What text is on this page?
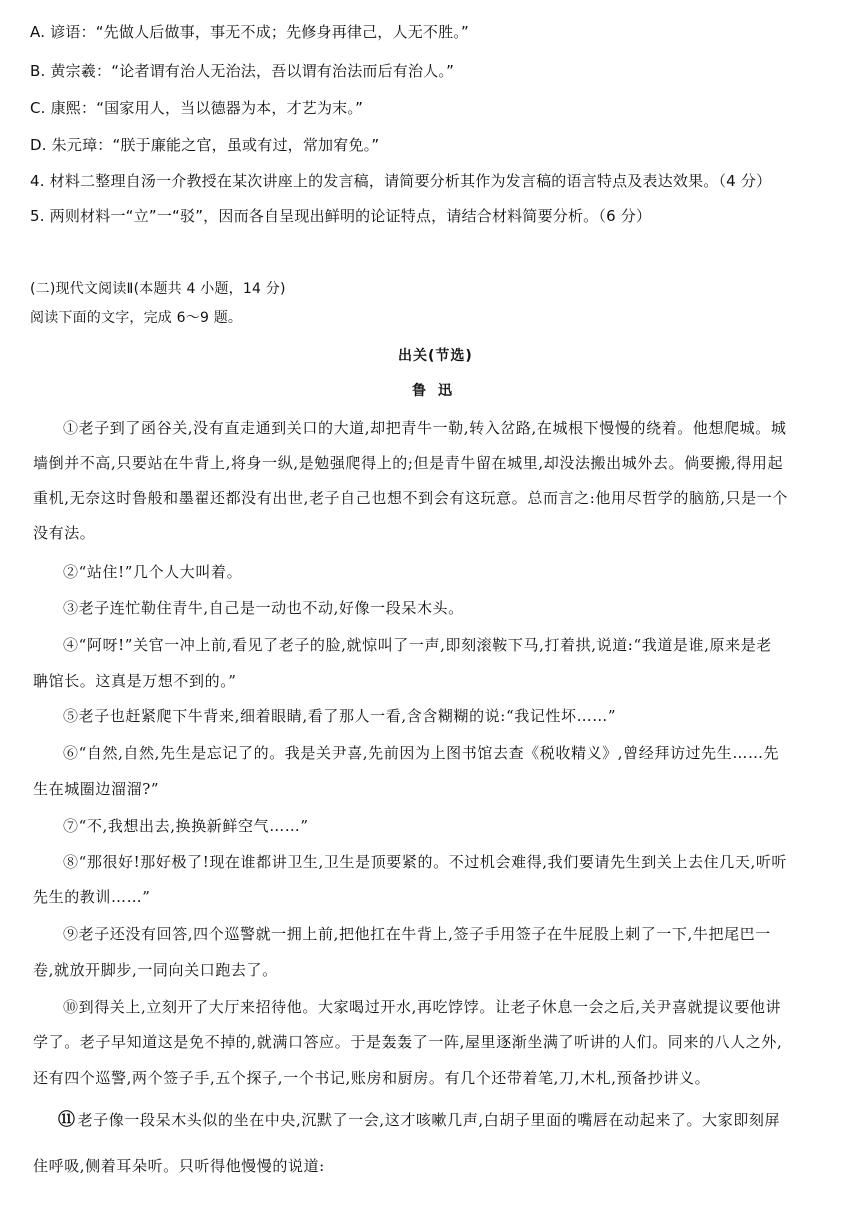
A. 谚语：“先做人后做事，事无不成；先修身再律己，人无不胜。”
B. 黄宗羲：“论者谓有治人无治法，吾以谓有治法而后有治人。”
C. 康熙：“国家用人，当以德器为本，才艺为末。”
D. 朱元璋：“朕于廉能之官，虽或有过，常加宥免。”
4. 材料二整理自汤一介教授在某次讲座上的发言稿，请简要分析其作为发言稿的语言特点及表达效果。（4 分）
5. 两则材料一“立”一“驳”，因而各自呈现出鲜明的论证特点，请结合材料简要分析。（6 分）
(二)现代文阅读Ⅱ(本题共 4 小题，14 分)
阅读下面的文字，完成 6～9 题。
出关(节选)
鲁迅
①老子到了函谷关,没有直走通到关口的大道,却把青牛一勒,转入岔路,在城根下慢慢的绕着。他想爬城。城
墙倒并不高,只要站在牛背上,将身一纵,是勉强爬得上的;但是青牛留在城里,却没法搬出城外去。倘要搬,得用起
重机,无奈这时鲁般和墨翟还都没有出世,老子自己也想不到会有这玩意。总而言之:他用尽哲学的脑筋,只是一个
没有法。
②“站住!”几个人大叫着。
③老子连忙勒住青牛,自己是一动也不动,好像一段呆木头。
④“阿呀!”关官一冲上前,看见了老子的脸,就惊叫了一声,即刻滚鞍下马,打着拱,说道:“我道是谁,原来是老
聃馆长。这真是万想不到的。”
⑤老子也赶紧爬下牛背来,细着眼睛,看了那人一看,含含糊糊的说:“我记性坏……”
⑥“自然,自然,先生是忘记了的。我是关尹喜,先前因为上图书馆去查《税收精义》,曾经拜访过先生……先
生在城圈边溜溜?”
⑦“不,我想出去,换换新鲜空气……”
⑧“那很好!那好极了!现在谁都讲卫生,卫生是顶要紧的。不过机会难得,我们要请先生到关上去住几天,听听
先生的教训……”
⑨老子还没有回答,四个巡警就一拥上前,把他扛在牛背上,签子手用签子在牛屁股上刺了一下,牛把尾巴一
卷,就放开脚步,一同向关口跑去了。
⑩到得关上,立刻开了大厅来招待他。大家喝过开水,再吃饽饽。让老子休息一会之后,关尹喜就提议要他讲
学了。老子早知道这是免不掉的,就满口答应。于是轰轰了一阵,屋里逐渐坐满了听讲的人们。同来的八人之外,
还有四个巡警,两个签子手,五个探子,一个书记,账房和厨房。有几个还带着笔,刀,木札,预备抄讲义。
⑪ 老子像一段呆木头似的坐在中央,沉默了一会,这才咳嗽几声,白胡子里面的嘴唇在动起来了。大家即刻屏
住呼吸,侧着耳朵听。只听得他慢慢的说道:
